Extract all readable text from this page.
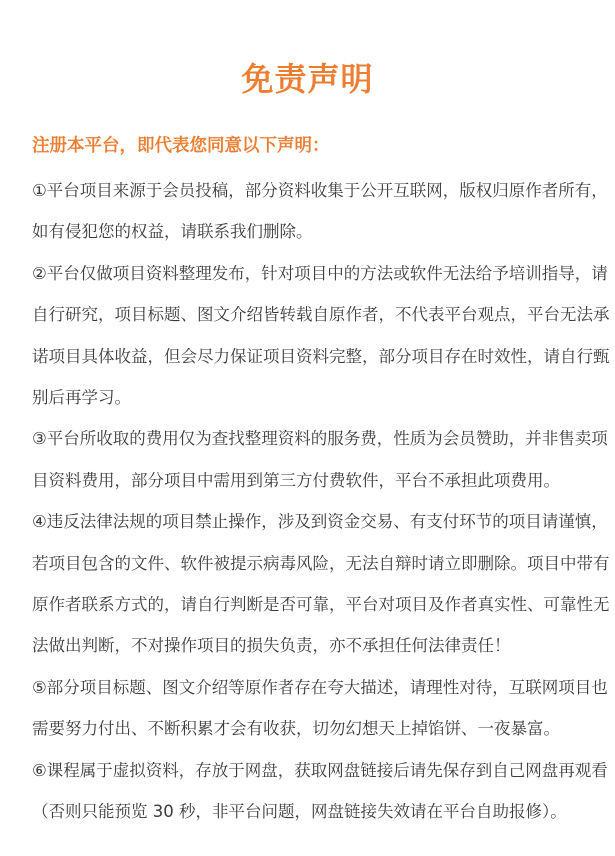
免责声明

注册本平台，即代表您同意以下声明：

①平台项目来源于会员投稿，部分资料收集于公开互联网，版权归原作者所有，
如有侵犯您的权益，请联系我们删除。
②平台仅做项目资料整理发布，针对项目中的方法或软件无法给予培训指导，请
自行研究，项目标题、图文介绍皆转载自原作者，不代表平台观点，平台无法承
诺项目具体收益，但会尽力保证项目资料完整，部分项目存在时效性，请自行甄
别后再学习。
③平台所收取的费用仅为查找整理资料的服务费，性质为会员赞助，并非售卖项
目资料费用，部分项目中需用到第三方付费软件，平台不承担此项费用。
④违反法律法规的项目禁止操作，涉及到资金交易、有支付环节的项目请谨慎，
若项目包含的文件、软件被提示病毒风险，无法自辩时请立即删除。项目中带有
原作者联系方式的，请自行判断是否可靠，平台对项目及作者真实性、可靠性无
法做出判断，不对操作项目的损失负责，亦不承担任何法律责任！
⑤部分项目标题、图文介绍等原作者存在夸大描述，请理性对待，互联网项目也
需要努力付出、不断积累才会有收获，切勿幻想天上掉馅饼、一夜暴富。
⑥课程属于虚拟资料，存放于网盘，获取网盘链接后请先保存到自己网盘再观看
（否则只能预览 30 秒，非平台问题，网盘链接失效请在平台自助报修）。
